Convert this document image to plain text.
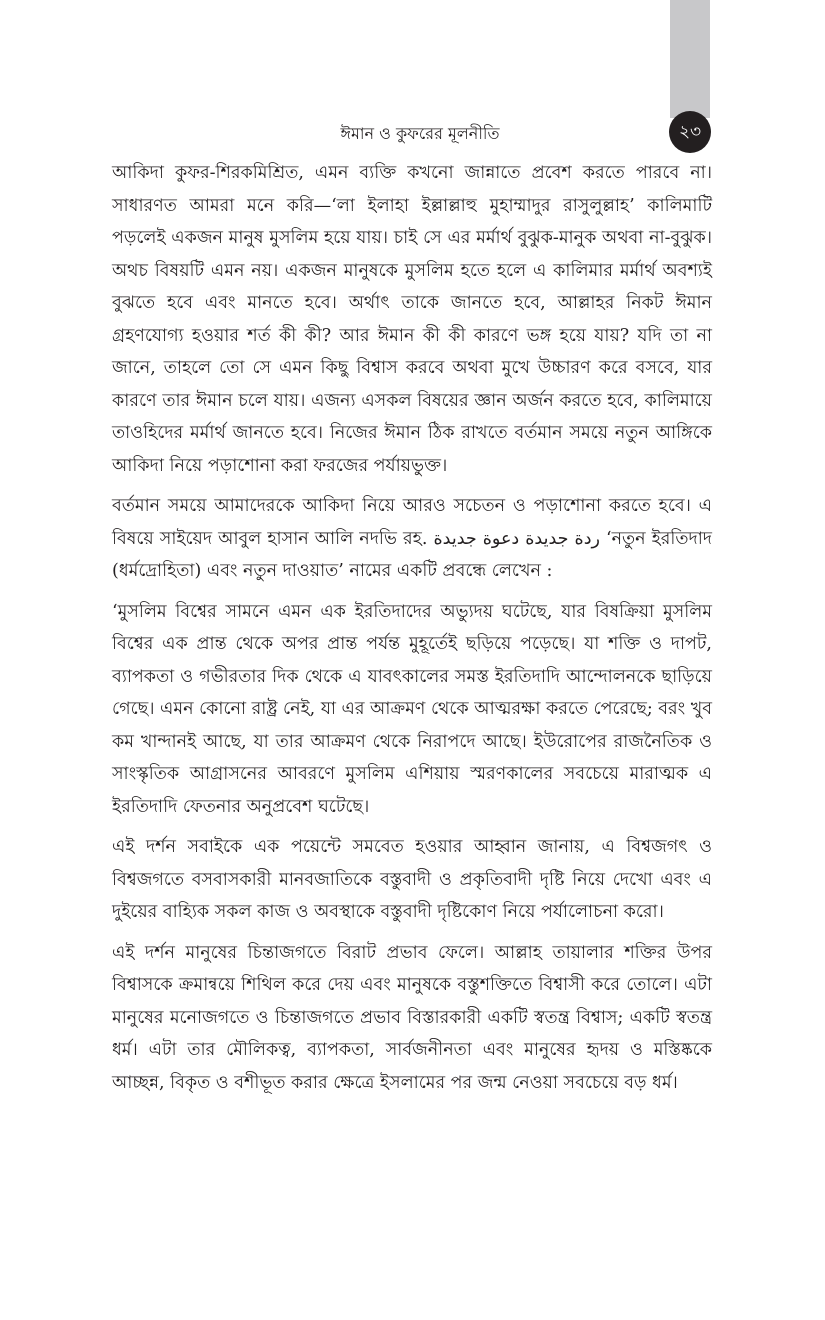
২৩
ঈমান ও কুফরের মূলনীতি

আকিদা কুফর-শিরকমিশ্রিত, এমন ব্যক্তি কখনো জান্নাতে প্রবেশ করতে পারবে না। সাধারণত আমরা মনে করি—‘লা ইলাহা ইল্লাল্লাহু মুহাম্মাদুর রাসুলুল্লাহ’ কালিমাটি পড়লেই একজন মানুষ মুসলিম হয়ে যায়। চাই সে এর মর্মার্থ বুঝুক-মানুক অথবা না-বুঝুক। অথচ বিষয়টি এমন নয়। একজন মানুষকে মুসলিম হতে হলে এ কালিমার মর্মার্থ অবশ্যই বুঝতে হবে এবং মানতে হবে। অর্থাৎ তাকে জানতে হবে, আল্লাহর নিকট ঈমান গ্রহণযোগ্য হওয়ার শর্ত কী কী? আর ঈমান কী কী কারণে ভঙ্গ হয়ে যায়? যদি তা না জানে, তাহলে তো সে এমন কিছু বিশ্বাস করবে অথবা মুখে উচ্চারণ করে বসবে, যার কারণে তার ঈমান চলে যায়। এজন্য এসকল বিষয়ের জ্ঞান অর্জন করতে হবে, কালিমায়ে তাওহিদের মর্মার্থ জানতে হবে। নিজের ঈমান ঠিক রাখতে বর্তমান সময়ে নতুন আঙ্গিকে আকিদা নিয়ে পড়াশোনা করা ফরজের পর্যায়ভুক্ত।

বর্তমান সময়ে আমাদেরকে আকিদা নিয়ে আরও সচেতন ও পড়াশোনা করতে হবে। এ বিষয়ে সাইয়েদ আবুল হাসান আলি নদভি রহ. ردة جديدة دعوة جديدة ‘নতুন ইরতিদাদ (ধর্মদ্রোহিতা) এবং নতুন দাওয়াত’ নামের একটি প্রবন্ধে লেখেন :

‘মুসলিম বিশ্বের সামনে এমন এক ইরতিদাদের অভ্যুদয় ঘটেছে, যার বিষক্রিয়া মুসলিম বিশ্বের এক প্রান্ত থেকে অপর প্রান্ত পর্যন্ত মুহূর্তেই ছড়িয়ে পড়েছে। যা শক্তি ও দাপট, ব্যাপকতা ও গভীরতার দিক থেকে এ যাবৎকালের সমস্ত ইরতিদাদি আন্দোলনকে ছাড়িয়ে গেছে। এমন কোনো রাষ্ট্র নেই, যা এর আক্রমণ থেকে আত্মরক্ষা করতে পেরেছে; বরং খুব কম খান্দানই আছে, যা তার আক্রমণ থেকে নিরাপদে আছে। ইউরোপের রাজনৈতিক ও সাংস্কৃতিক আগ্রাসনের আবরণে মুসলিম এশিয়ায় স্মরণকালের সবচেয়ে মারাত্মক এ ইরতিদাদি ফেতনার অনুপ্রবেশ ঘটেছে।

এই দর্শন সবাইকে এক পয়েন্টে সমবেত হওয়ার আহ্বান জানায়, এ বিশ্বজগৎ ও বিশ্বজগতে বসবাসকারী মানবজাতিকে বস্তুবাদী ও প্রকৃতিবাদী দৃষ্টি নিয়ে দেখো এবং এ দুইয়ের বাহ্যিক সকল কাজ ও অবস্থাকে বস্তুবাদী দৃষ্টিকোণ নিয়ে পর্যালোচনা করো।

এই দর্শন মানুষের চিন্তাজগতে বিরাট প্রভাব ফেলে। আল্লাহ তায়ালার শক্তির উপর বিশ্বাসকে ক্রমান্বয়ে শিথিল করে দেয় এবং মানুষকে বস্তুশক্তিতে বিশ্বাসী করে তোলে। এটা মানুষের মনোজগতে ও চিন্তাজগতে প্রভাব বিস্তারকারী একটি স্বতন্ত্র বিশ্বাস; একটি স্বতন্ত্র ধর্ম। এটা তার মৌলিকত্ব, ব্যাপকতা, সার্বজনীনতা এবং মানুষের হৃদয় ও মস্তিষ্ককে আচ্ছন্ন, বিকৃত ও বশীভূত করার ক্ষেত্রে ইসলামের পর জন্ম নেওয়া সবচেয়ে বড় ধর্ম।
